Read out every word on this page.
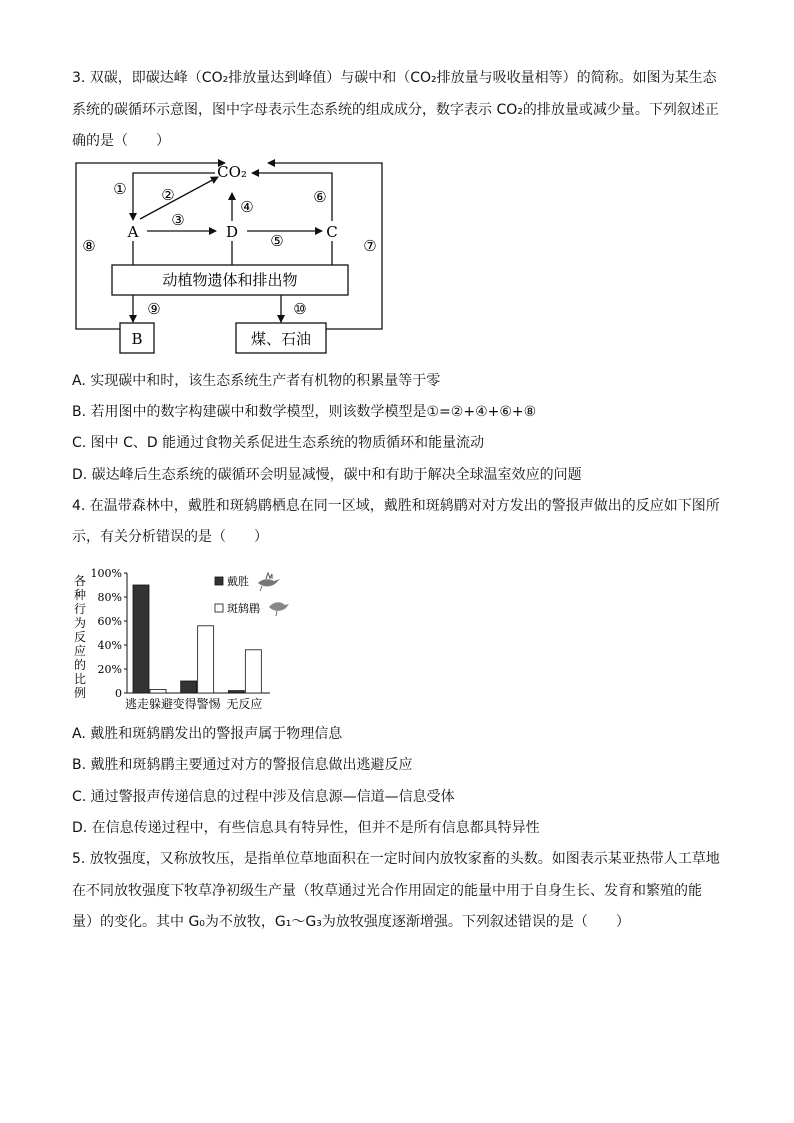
3. 双碳，即碳达峰（CO₂排放量达到峰值）与碳中和（CO₂排放量与吸收量相等）的简称。如图为某生态
系统的碳循环示意图，图中字母表示生态系统的组成成分，数字表示 CO₂的排放量或减少量。下列叙述正
确的是（　　）
CO₂
A	D	C
动植物遗体和排出物
B	煤、石油
① ②
③
④
⑤
⑥
⑦
⑧
⑨	⑩
A. 实现碳中和时，该生态系统生产者有机物的积累量等于零
B. 若用图中的数字构建碳中和数学模型，则该数学模型是①=②+④+⑥+⑧
C. 图中 C、D 能通过食物关系促进生态系统的物质循环和能量流动
D. 碳达峰后生态系统的碳循环会明显减慢，碳中和有助于解决全球温室效应的问题
4. 在温带森林中，戴胜和斑鸫鹛栖息在同一区域，戴胜和斑鸫鹛对对方发出的警报声做出的反应如下图所
示，有关分析错误的是（　　）
各
种
行
为
反
应
的
比
例
100%
80%
60%
40%
20%
0
逃走躲避 变得警惕 无反应
戴胜
斑鸫鹛
A. 戴胜和斑鸫鹛发出的警报声属于物理信息
B. 戴胜和斑鸫鹛主要通过对方的警报信息做出逃避反应
C. 通过警报声传递信息的过程中涉及信息源—信道—信息受体
D. 在信息传递过程中，有些信息具有特异性，但并不是所有信息都具特异性
5. 放牧强度，又称放牧压，是指单位草地面积在一定时间内放牧家畜的头数。如图表示某亚热带人工草地
在不同放牧强度下牧草净初级生产量（牧草通过光合作用固定的能量中用于自身生长、发育和繁殖的能
量）的变化。其中 G₀为不放牧，G₁～G₃为放牧强度逐渐增强。下列叙述错误的是（　　）
